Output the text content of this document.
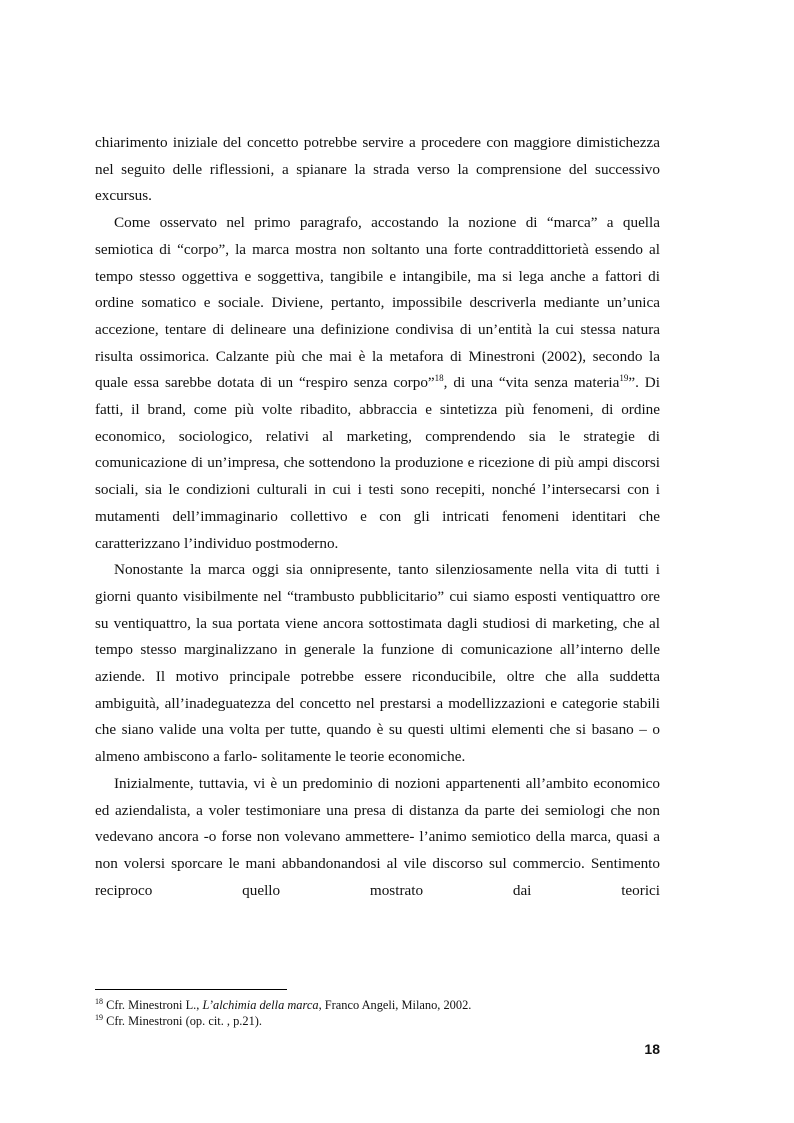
chiarimento iniziale del concetto potrebbe servire a procedere con maggiore dimistichezza nel seguito delle riflessioni, a spianare la strada verso la comprensione del successivo excursus.

Come osservato nel primo paragrafo, accostando la nozione di “marca” a quella semiotica di “corpo”, la marca mostra non soltanto una forte contraddittorietà essendo al tempo stesso oggettiva e soggettiva, tangibile e intangibile, ma si lega anche a fattori di ordine somatico e sociale. Diviene, pertanto, impossibile descriverla mediante un’unica accezione, tentare di delineare una definizione condivisa di un’entità la cui stessa natura risulta ossimorica. Calzante più che mai è la metafora di Minestroni (2002), secondo la quale essa sarebbe dotata di un “respiro senza corpo”$^{18}$, di una “vita senza materia$^{19}$”. Di fatti, il brand, come più volte ribadito, abbraccia e sintetizza più fenomeni, di ordine economico, sociologico, relativi al marketing, comprendendo sia le strategie di comunicazione di un’impresa, che sottendono la produzione e ricezione di più ampi discorsi sociali, sia le condizioni culturali in cui i testi sono recepiti, nonché l’intersecarsi con i mutamenti dell’immaginario collettivo e con gli intricati fenomeni identitari che caratterizzano l’individuo postmoderno.

Nonostante la marca oggi sia onnipresente, tanto silenziosamente nella vita di tutti i giorni quanto visibilmente nel “trambusto pubblicitario” cui siamo esposti ventiquattro ore su ventiquattro, la sua portata viene ancora sottostimata dagli studiosi di marketing, che al tempo stesso marginalizzano in generale la funzione di comunicazione all’interno delle aziende. Il motivo principale potrebbe essere riconducibile, oltre che alla suddetta ambiguità, all’inadeguatezza del concetto nel prestarsi a modellizzazioni e categorie stabili che siano valide una volta per tutte, quando è su questi ultimi elementi che si basano – o almeno ambiscono a farlo- solitamente le teorie economiche.

Inizialmente, tuttavia, vi è un predominio di nozioni appartenenti all’ambito economico ed aziendalista, a voler testimoniare una presa di distanza da parte dei semiologi che non vedevano ancora -o forse non volevano ammettere- l’animo semiotico della marca, quasi a non volersi sporcare le mani abbandonandosi al vile discorso sul commercio. Sentimento reciproco quello mostrato dai teorici

$^{18}$ Cfr. Minestroni L., L’alchimia della marca, Franco Angeli, Milano, 2002.

$^{19}$ Cfr. Minestroni (op. cit. , p.21).

18
